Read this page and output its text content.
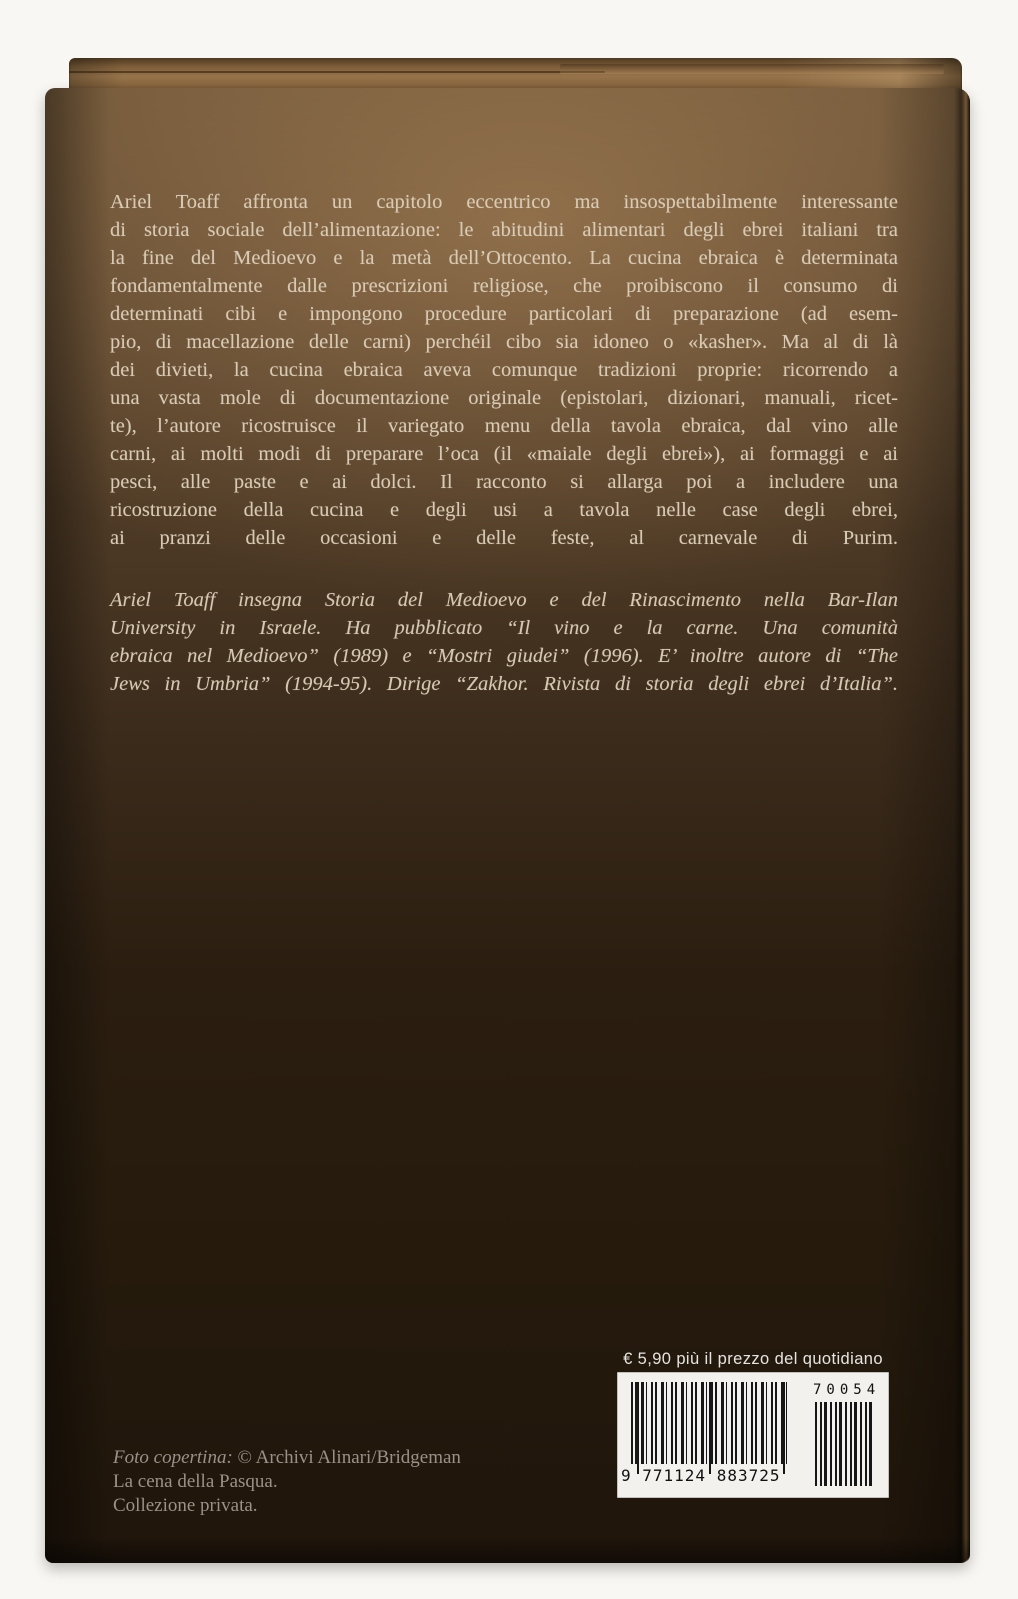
Ariel Toaff affronta un capitolo eccentrico ma insospettabilmente interessante
di storia sociale dell’alimentazione: le abitudini alimentari degli ebrei italiani tra
la fine del Medioevo e la metà dell’Ottocento. La cucina ebraica è determinata
fondamentalmente dalle prescrizioni religiose, che proibiscono il consumo di
determinati cibi e impongono procedure particolari di preparazione (ad esem-
pio, di macellazione delle carni) perchéil cibo sia idoneo o «kasher». Ma al di là
dei divieti, la cucina ebraica aveva comunque tradizioni proprie: ricorrendo a
una vasta mole di documentazione originale (epistolari, dizionari, manuali, ricet-
te), l’autore ricostruisce il variegato menu della tavola ebraica, dal vino alle
carni, ai molti modi di preparare l’oca (il «maiale degli ebrei»), ai formaggi e ai
pesci, alle paste e ai dolci. Il racconto si allarga poi a includere una
ricostruzione della cucina e degli usi a tavola nelle case degli ebrei,
ai pranzi delle occasioni e delle feste, al carnevale di Purim.
Ariel Toaff insegna Storia del Medioevo e del Rinascimento nella Bar-Ilan
University in Israele. Ha pubblicato “Il vino e la carne. Una comunità
ebraica nel Medioevo” (1989) e “Mostri giudei” (1996). E’ inoltre autore di “The
Jews in Umbria” (1994-95). Dirige “Zakhor. Rivista di storia degli ebrei d’Italia”.
€ 5,90 più il prezzo del quotidiano
9 771124 883725
70054
Foto copertina: © Archivi Alinari/Bridgeman
La cena della Pasqua.
Collezione privata.
